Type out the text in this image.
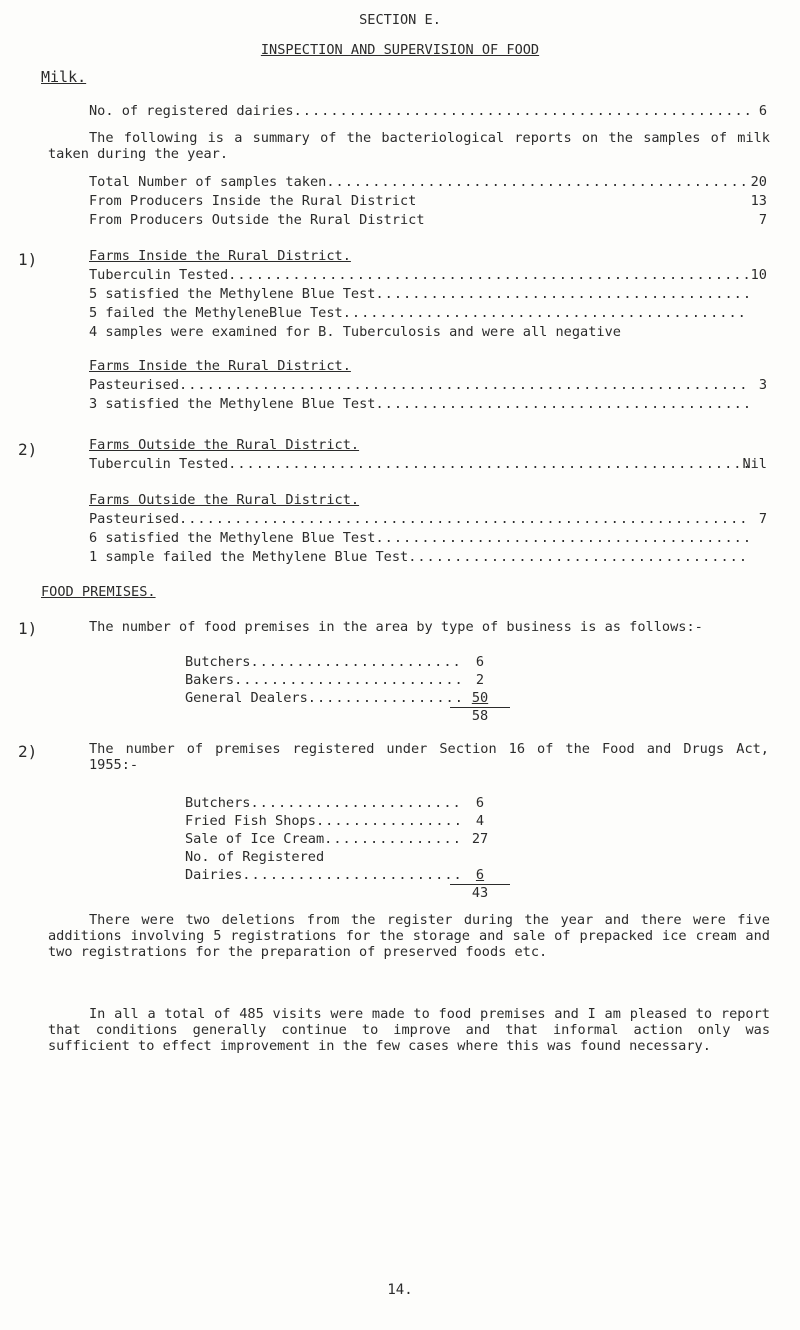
SECTION E.
INSPECTION AND SUPERVISION OF FOOD
Milk.
No. of registered dairies .....	6
The following is a summary of the bacteriological reports on the samples of milk taken during the year.
Total Number of samples taken .....	20
From Producers Inside the Rural District	13
From Producers Outside the Rural District	7
1)	Farms Inside the Rural District.
Tuberculin Tested .....	10
5 satisfied the Methylene Blue Test
.....
5 failed the MethyleneBlue Test
.....
4 samples were examined for B. Tuberculosis and were all negative
Farms Inside the Rural District.
Pasteurised .....	3
3 satisfied the Methylene Blue Test
.....
2)	Farms Outside the Rural District.
Tuberculin Tested .....	Nil
Farms Outside the Rural District.
Pasteurised .....	7
6 satisfied the Methylene Blue Test
.....
1 sample failed the Methylene Blue Test
.....
FOOD PREMISES.
1)	The number of food premises in the area by type of business is as follows:-
Butchers .....	6
Bakers .....	2
General Dealers .....	50
58
2)	The number of premises registered under Section 16 of the Food and Drugs Act, 1955:-
Butchers .....	6
Fried Fish Shops .....	4
Sale of Ice Cream .....	27
No. of Registered
Dairies .....	6
43
There were two deletions from the register during the year and there were five additions involving 5 registrations for the storage and sale of prepacked ice cream and two registrations for the preparation of preserved foods etc.
In all a total of 485 visits were made to food premises and I am pleased to report that conditions generally continue to improve and that informal action only was sufficient to effect improvement in the few cases where this was found necessary.
14.
